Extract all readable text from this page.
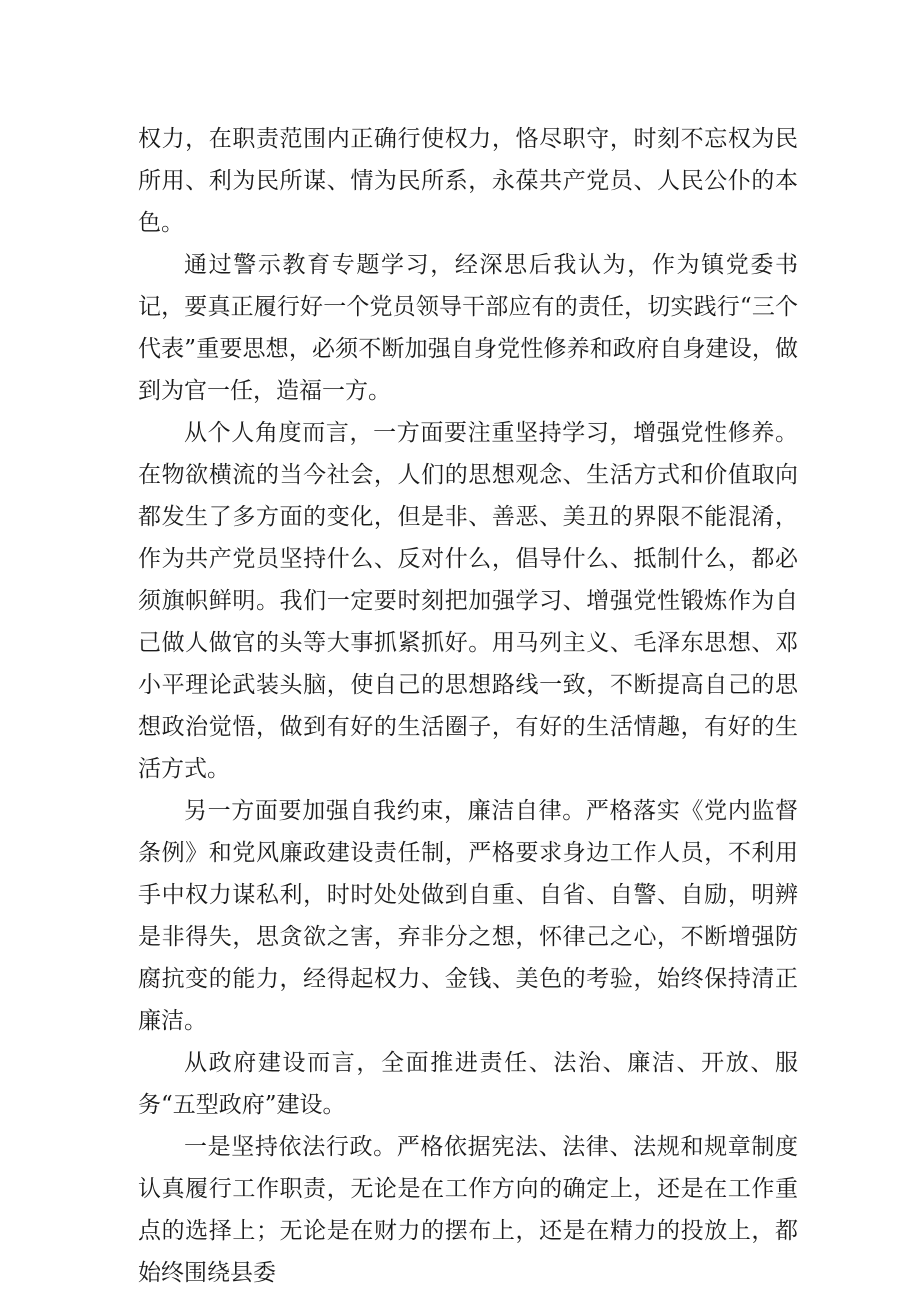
权力，在职责范围内正确行使权力，恪尽职守，时刻不忘权为民所用、利为民所谋、情为民所系，永葆共产党员、人民公仆的本色。

通过警示教育专题学习，经深思后我认为，作为镇党委书记，要真正履行好一个党员领导干部应有的责任，切实践行“三个代表”重要思想，必须不断加强自身党性修养和政府自身建设，做到为官一任，造福一方。

从个人角度而言，一方面要注重坚持学习，增强党性修养。在物欲横流的当今社会，人们的思想观念、生活方式和价值取向都发生了多方面的变化，但是非、善恶、美丑的界限不能混淆，作为共产党员坚持什么、反对什么，倡导什么、抵制什么，都必须旗帜鲜明。我们一定要时刻把加强学习、增强党性锻炼作为自己做人做官的头等大事抓紧抓好。用马列主义、毛泽东思想、邓小平理论武装头脑，使自己的思想路线一致，不断提高自己的思想政治觉悟，做到有好的生活圈子，有好的生活情趣，有好的生活方式。

另一方面要加强自我约束，廉洁自律。严格落实《党内监督条例》和党风廉政建设责任制，严格要求身边工作人员，不利用手中权力谋私利，时时处处做到自重、自省、自警、自励，明辨是非得失，思贪欲之害，弃非分之想，怀律己之心，不断增强防腐抗变的能力，经得起权力、金钱、美色的考验，始终保持清正廉洁。

从政府建设而言，全面推进责任、法治、廉洁、开放、服务“五型政府”建设。

一是坚持依法行政。严格依据宪法、法律、法规和规章制度认真履行工作职责，无论是在工作方向的确定上，还是在工作重点的选择上；无论是在财力的摆布上，还是在精力的投放上，都始终围绕县委
